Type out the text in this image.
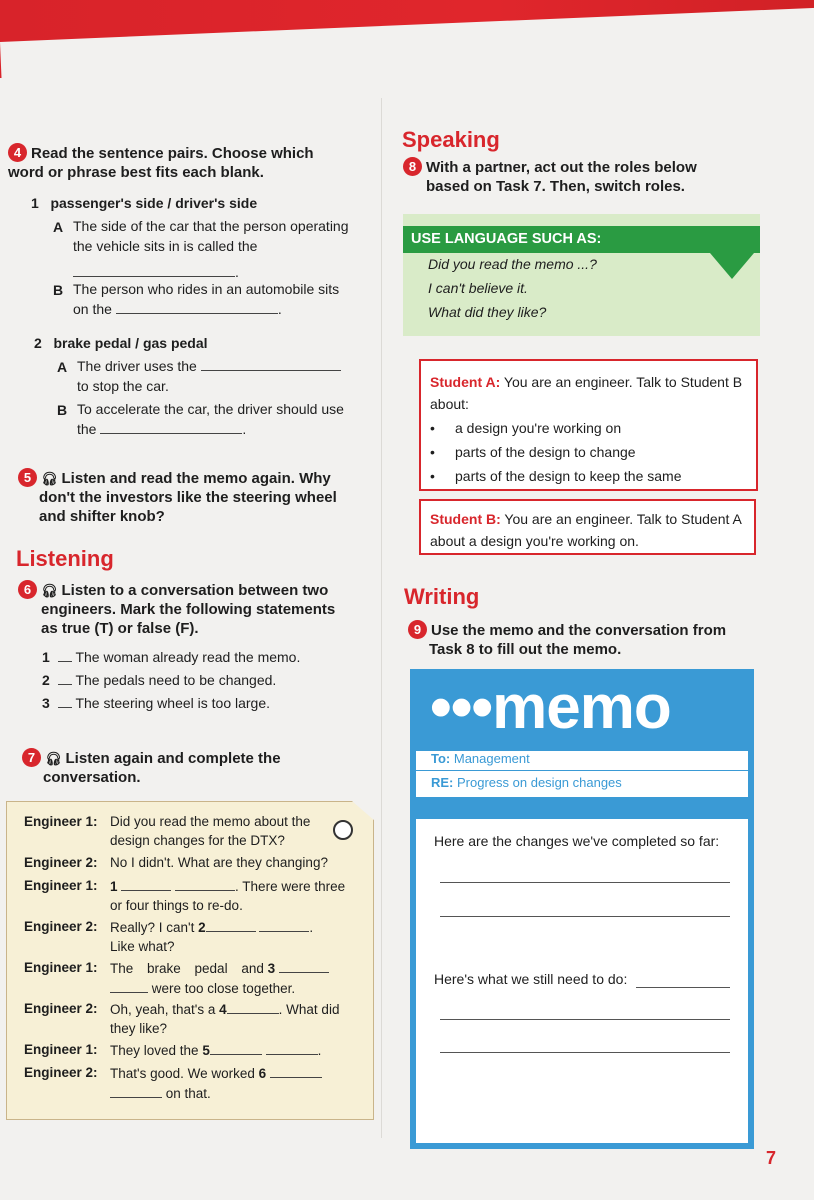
4 Read the sentence pairs. Choose which word or phrase best fits each blank.
1 passenger's side / driver's side
A The side of the car that the person operating
the vehicle sits in is called the
.
B The person who rides in an automobile sits
on the	.
2 brake pedal / gas pedal
A The driver uses the
to stop the car.
B To accelerate the car, the driver should use
the	.
5 🎧︎ Listen and read the memo again. Why
don't the investors like the steering wheel
and shifter knob?
Listening
6 🎧︎ Listen to a conversation between two
engineers. Mark the following statements
as true (T) or false (F).
1 The woman already read the memo.
2 The pedals need to be changed.
3 The steering wheel is too large.
7 🎧︎ Listen again and complete the
conversation.
Engineer 1: Did you read the memo about the
design changes for the DTX?
Engineer 2: No I didn't. What are they changing?
Engineer 1: 1	. There were three
or four things to re-do.
Engineer 2: Really? I can't 2	.
Like what?
Engineer 1: The brake pedal and 3
were too close together.
Engineer 2: Oh, yeah, that's a 4	. What did
they like?
Engineer 1: They loved the 5	.
Engineer 2: That's good. We worked 6
on that.
Speaking
8 With a partner, act out the roles below
based on Task 7. Then, switch roles.
USE LANGUAGE SUCH AS:
Did you read the memo ...?
I can't believe it.
What did they like?
Student A: You are an engineer. Talk to Student B
about:
• a design you're working on
• parts of the design to change
• parts of the design to keep the same
Student B: You are an engineer. Talk to Student A
about a design you're working on.
Writing
9 Use the memo and the conversation from
Task 8 to fill out the memo.
•••memo
To: Management
RE: Progress on design changes
Here are the changes we've completed so far:
Here's what we still need to do:
7
